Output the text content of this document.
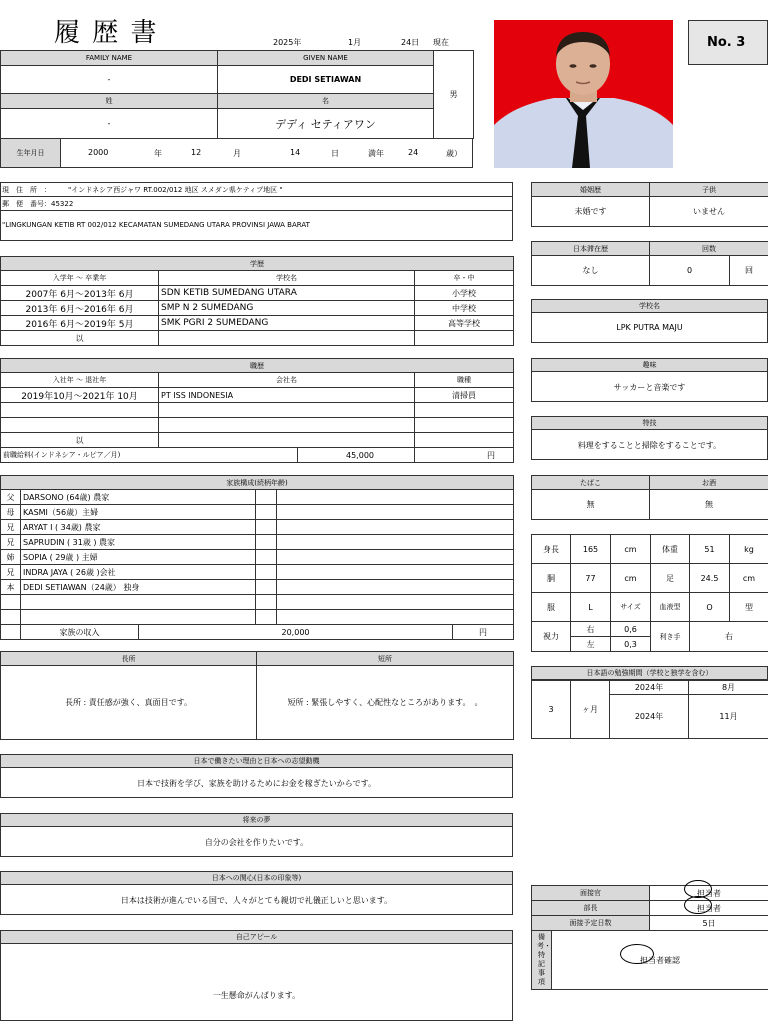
履 歴 書	2025年	1月	24日 現在	No. 3
FAMILY NAME	GIVEN NAME	男
-	DEDI SETIAWAN	
姓	名	
-	デディ セティアワン	
生年月日	2000	年	12	月	14	日	満年	24	歳）
現　住　所　： "インドネシア西ジャワ RT.002/012 地区 スメダン県ケティブ地区 "
郵　便　番号：45322
"LINGKUNGAN KETIB RT 002/012 KECAMATAN SUMEDANG UTARA PROVINSI JAWA BARAT
学歴		
入学年 ～ 卒業年	学校名	卒・中
2007年 6月～2013年 6月	SDN KETIB SUMEDANG UTARA	小学校
2013年 6月～2016年 6月	SMP N 2 SUMEDANG	中学校
2016年 6月～2019年 5月	SMK PGRI 2 SUMEDANG	高等学校
以		
職歴			
入社年 ～ 退社年	会社名		職種
2019年10月～2021年 10月	PT ISS INDONESIA		清掃員

以			
前職給料(インドネシア・ルピア／月)		45,000	円
家族構成(続柄年齢)					
父	DARSONO (64歳) 農家				
母	KASMI（56歳）主婦				
兄	ARYAT I ( 34歳) 農家				
兄	SAPRUDIN ( 31歳 ) 農家				
姉	SOPIA ( 29歳 ) 主婦				
兄	INDRA JAYA ( 26歳 )会社				
本	DEDI SETIAWAN（24歳） 独身				

	家族の収入	20,000			円
長所	短所
長所 : 責任感が強く、真面目です。	短所 : 緊張しやすく、心配性なところがあります。　。
日本で働きたい理由と日本への志望動機
日本で技術を学び、家族を助けるためにお金を稼ぎたいからです。
将来の夢
自分の会社を作りたいです。
日本への関心(日本の印象等)
日本は技術が進んでいる国で、人々がとても親切で礼儀正しいと思います。
自己アピール
一生懸命がんばります。
婚姻歴	子供
未婚です	いません
日本滞在歴	回数	
なし	0	回
学校名
LPK PUTRA MAJU
趣味
サッカーと音楽です
特技
料理をすることと掃除をすることです。
たばこ	お酒
無	無
身長	165	cm	体重	51	kg
胴	77	cm	足	24.5	cm
服	L	サイズ	血液型	O	型
視力	右	0,6	利き手	右
	左	0,3		
日本語の勉強期間（学校と独学を含む）
3	ヶ月	2024年	8月
		2024年	11月
面接官		担当者
部長		担当者
面接予定日数		5日
備考・特記事項	担当者確認	
